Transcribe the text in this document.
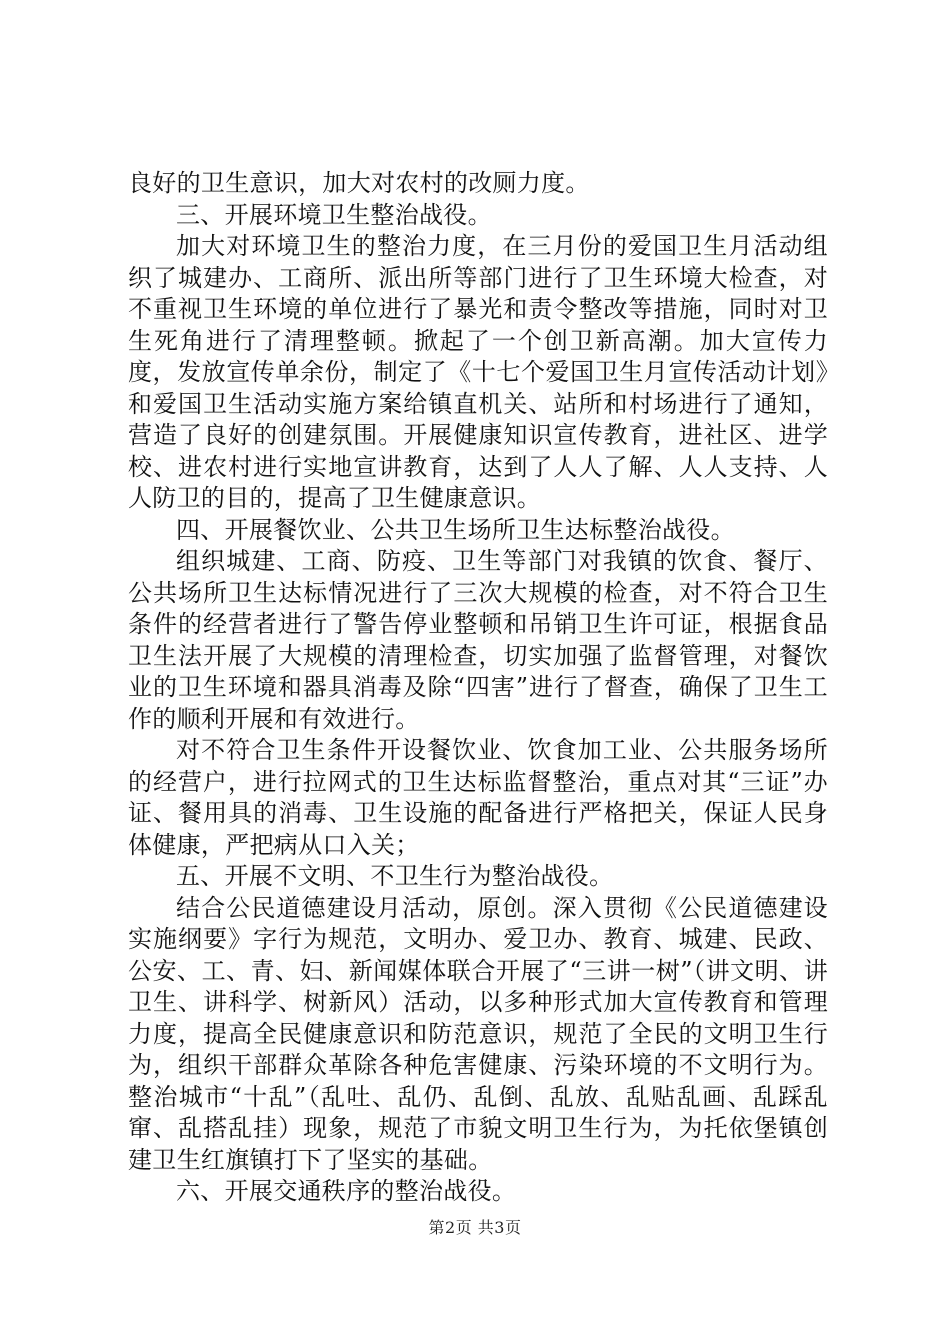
良好的卫生意识，加大对农村的改厕力度。

三、开展环境卫生整治战役。

加大对环境卫生的整治力度，在三月份的爱国卫生月活动组织了城建办、工商所、派出所等部门进行了卫生环境大检查，对不重视卫生环境的单位进行了暴光和责令整改等措施，同时对卫生死角进行了清理整顿。掀起了一个创卫新高潮。加大宣传力度，发放宣传单余份，制定了《十七个爱国卫生月宣传活动计划》和爱国卫生活动实施方案给镇直机关、站所和村场进行了通知，营造了良好的创建氛围。开展健康知识宣传教育，进社区、进学校、进农村进行实地宣讲教育，达到了人人了解、人人支持、人人防卫的目的，提高了卫生健康意识。

四、开展餐饮业、公共卫生场所卫生达标整治战役。

组织城建、工商、防疫、卫生等部门对我镇的饮食、餐厅、公共场所卫生达标情况进行了三次大规模的检查，对不符合卫生条件的经营者进行了警告停业整顿和吊销卫生许可证，根据食品卫生法开展了大规模的清理检查，切实加强了监督管理，对餐饮业的卫生环境和器具消毒及除“四害”进行了督查，确保了卫生工作的顺利开展和有效进行。

对不符合卫生条件开设餐饮业、饮食加工业、公共服务场所的经营户，进行拉网式的卫生达标监督整治，重点对其“三证”办证、餐用具的消毒、卫生设施的配备进行严格把关，保证人民身体健康，严把病从口入关；

五、开展不文明、不卫生行为整治战役。

结合公民道德建设月活动，原创。深入贯彻《公民道德建设实施纲要》字行为规范，文明办、爱卫办、教育、城建、民政、公安、工、青、妇、新闻媒体联合开展了“三讲一树”（讲文明、讲卫生、讲科学、树新风）活动，以多种形式加大宣传教育和管理力度，提高全民健康意识和防范意识，规范了全民的文明卫生行为，组织干部群众革除各种危害健康、污染环境的不文明行为。整治城市“十乱”（乱吐、乱仍、乱倒、乱放、乱贴乱画、乱踩乱窜、乱搭乱挂）现象，规范了市貌文明卫生行为，为托依堡镇创建卫生红旗镇打下了坚实的基础。

六、开展交通秩序的整治战役。

第2页 共3页
